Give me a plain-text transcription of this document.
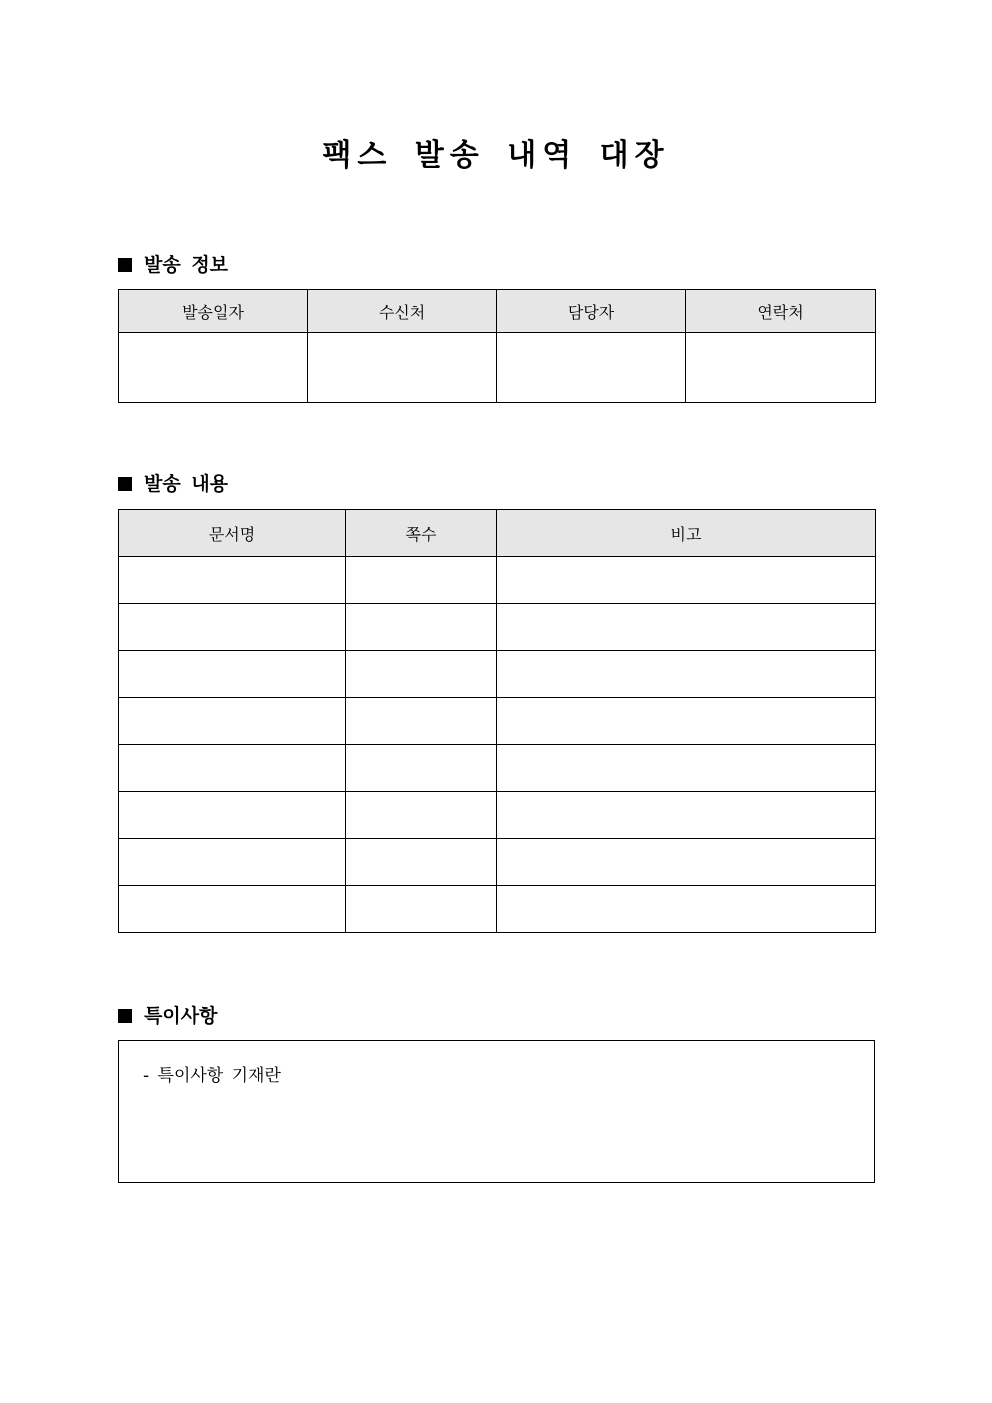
팩스 발송 내역 대장
발송 정보
발송일자	수신처	담당자	연락처

발송 내용
문서명	쪽수	비고

특이사항
- 특이사항 기재란
